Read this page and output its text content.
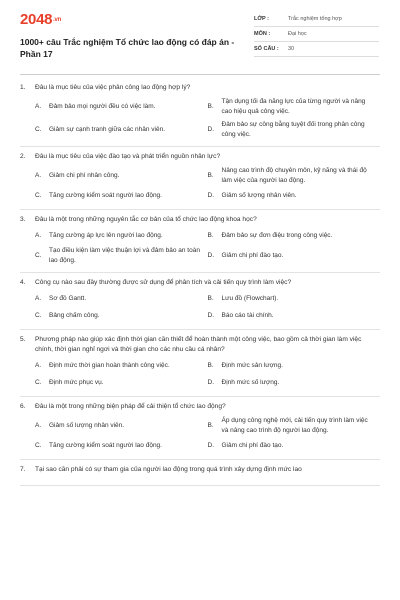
2048.vn
1000+ câu Trắc nghiệm Tổ chức lao động có đáp án - Phần 17
LỚP :	Trắc nghiệm tổng hợp
MÔN :	Đại học
SỐ CÂU :	30
1.	Đâu là mục tiêu của việc phân công lao động hợp lý?
A.	Đảm bảo mọi người đều có việc làm.	B.
Tận dụng tối đa năng lực của từng người và nâng cao hiệu quả công việc.
C.	Giảm sự cạnh tranh giữa các nhân viên.	D.
Đảm bảo sự công bằng tuyệt đối trong phân công công việc.
2.	Đâu là mục tiêu của việc đào tạo và phát triển nguồn nhân lực?
A.	Giảm chi phí nhân công.	B.
Nâng cao trình độ chuyên môn, kỹ năng và thái độ làm việc của người lao động.
C.	Tăng cường kiểm soát người lao động.	D.	Giảm số lượng nhân viên.
3.	Đâu là một trong những nguyên tắc cơ bản của tổ chức lao động khoa học?
A.	Tăng cường áp lực lên người lao động.	B.	Đảm bảo sự đơn điệu trong công việc.
C.
Tạo điều kiện làm việc thuận lợi và đảm bảo an toàn lao động.
D.	Giảm chi phí đào tạo.
4.	Công cụ nào sau đây thường được sử dụng để phân tích và cải tiến quy trình làm việc?
A.	Sơ đồ Gantt.	B.	Lưu đồ (Flowchart).
C.	Bảng chấm công.	D.	Báo cáo tài chính.
5.	Phương pháp nào giúp xác định thời gian cần thiết để hoàn thành một công việc, bao gồm cả thời gian làm việc chính, thời gian nghỉ ngơi và thời gian cho các nhu cầu cá nhân?
A.	Định mức thời gian hoàn thành công việc.	B.	Định mức sản lượng.
C.	Định mức phục vụ.	D.	Định mức số lượng.
6.	Đâu là một trong những biện pháp để cải thiện tổ chức lao động?
A.	Giảm số lượng nhân viên.	B.
Áp dụng công nghệ mới, cải tiến quy trình làm việc và nâng cao trình độ người lao động.
C.	Tăng cường kiểm soát người lao động.	D.	Giảm chi phí đào tạo.
7.	Tại sao cần phải có sự tham gia của người lao động trong quá trình xây dựng định mức lao
